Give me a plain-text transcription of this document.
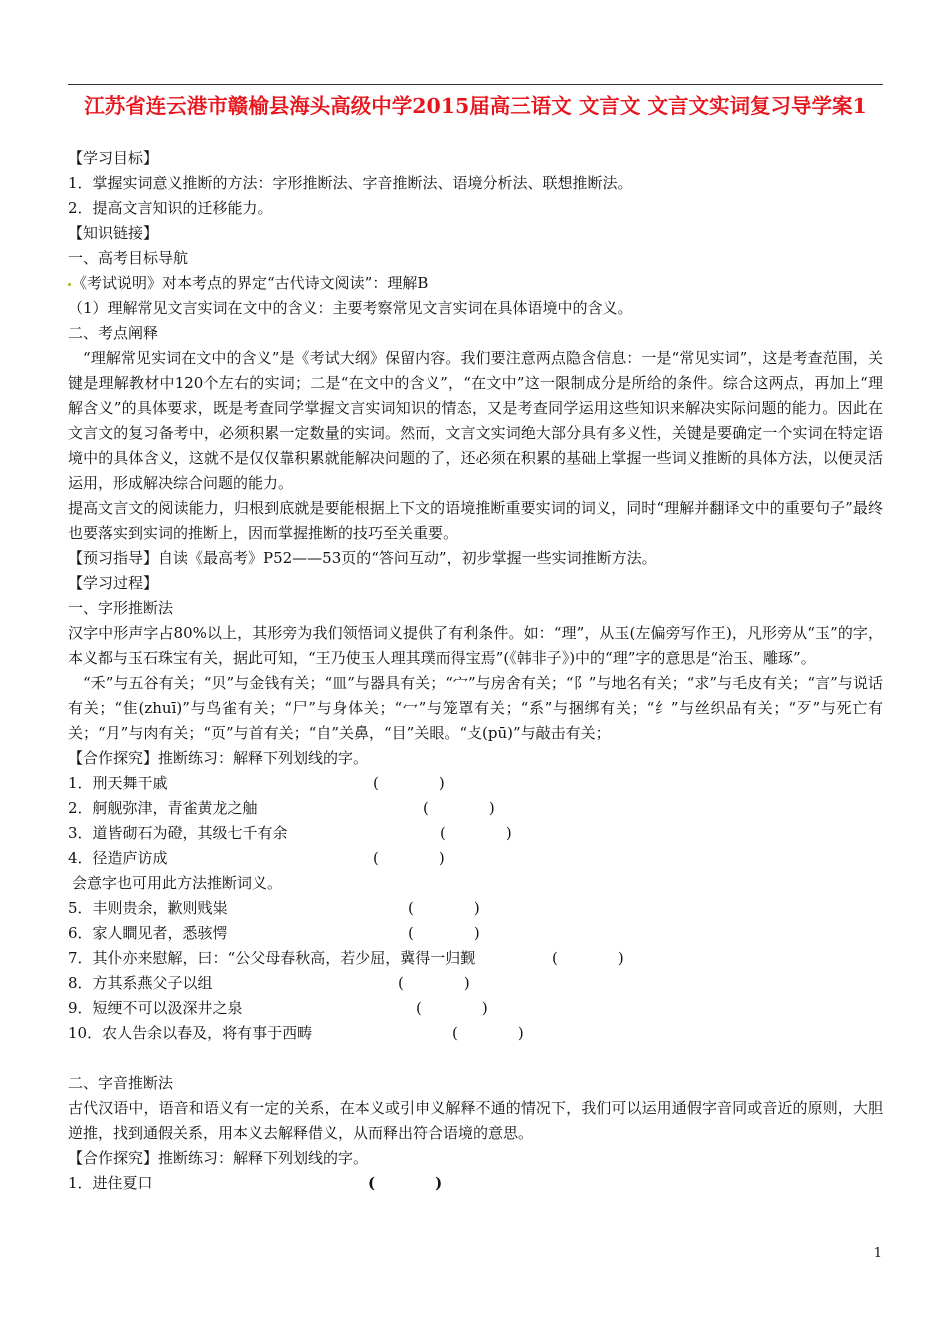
江苏省连云港市赣榆县海头高级中学2015届高三语文 文言文 文言文实词复习导学案1
【学习目标】
1．掌握实词意义推断的方法：字形推断法、字音推断法、语境分析法、联想推断法。
2．提高文言知识的迁移能力。
【知识链接】
一、高考目标导航
《考试说明》对本考点的界定“古代诗文阅读”：理解B
（1）理解常见文言实词在文中的含义：主要考察常见文言实词在具体语境中的含义。
二、考点阐释
“理解常见实词在文中的含义”是《考试大纲》保留内容。我们要注意两点隐含信息：一是“常见实词”，这是考查范围，关键是理解教材中120个左右的实词；二是“在文中的含义”，“在文中”这一限制成分是所给的条件。综合这两点，再加上“理解含义”的具体要求，既是考查同学掌握文言实词知识的情态，又是考查同学运用这些知识来解决实际问题的能力。因此在文言文的复习备考中，必须积累一定数量的实词。然而，文言文实词绝大部分具有多义性，关键是要确定一个实词在特定语境中的具体含义，这就不是仅仅靠积累就能解决问题的了，还必须在积累的基础上掌握一些词义推断的具体方法，以便灵活运用，形成解决综合问题的能力。
提高文言文的阅读能力，归根到底就是要能根据上下文的语境推断重要实词的词义，同时“理解并翻译文中的重要句子”最终也要落实到实词的推断上，因而掌握推断的技巧至关重要。
【预习指导】自读《最高考》P52——53页的“答问互动”，初步掌握一些实词推断方法。
【学习过程】
一、字形推断法
汉字中形声字占80%以上，其形旁为我们领悟词义提供了有利条件。如：“理”，从玉(左偏旁写作王)，凡形旁从“玉”的字，本义都与玉石珠宝有关，据此可知，“王乃使玉人理其璞而得宝焉”(《韩非子》)中的“理”字的意思是“治玉、雕琢”。
“禾”与五谷有关；“贝”与金钱有关；“皿”与器具有关；“宀”与房舍有关；“阝”与地名有关；“求”与毛皮有关；“言”与说话有关；“隹(zhuī)”与鸟雀有关；“尸”与身体关；“冖”与笼罩有关；“系”与捆绑有关；“纟”与丝织品有关；“歹”与死亡有关；“月”与肉有关；“页”与首有关；“自”关鼻，“目”关眼。“攴(pū)”与敲击有关；
【合作探究】推断练习：解释下列划线的字。
1．刑天舞干戚	(　　　　)
2．舸舰弥津，青雀黄龙之舳	(　　　　)
3．道皆砌石为磴，其级七千有余	(　　　　)
4．径造庐访成	(　　　　)
会意字也可用此方法推断词义。
5．丰则贵余，歉则贱粜	(　　　　)
6．家人瞷见者，悉骇愕	(　　　　)
7．其仆亦来慰解，曰：“公父母春秋高，若少屈，冀得一归觐	(　　　　)
8．方其系燕父子以组	(　　　　)
9．短绠不可以汲深井之泉	(　　　　)
10．农人告余以春及，将有事于西畴	(　　　　)
二、字音推断法
古代汉语中，语音和语义有一定的关系，在本义或引申义解释不通的情况下，我们可以运用通假字音同或音近的原则，大胆逆推，找到通假关系，用本义去解释借义，从而释出符合语境的意思。
【合作探究】推断练习：解释下列划线的字。
1．进住夏口	(　　　　)
1
